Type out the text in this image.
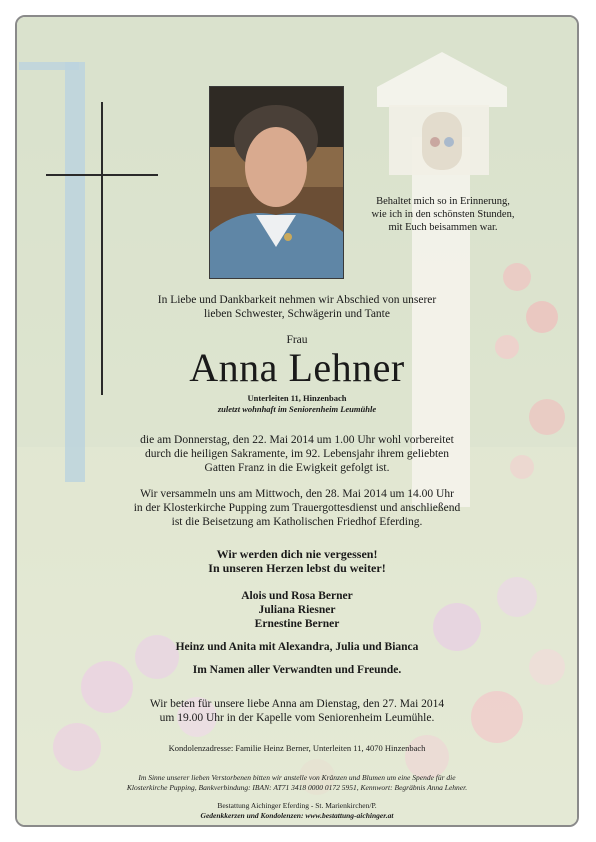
Behaltet mich so in Erinnerung,
wie ich in den schönsten Stunden,
mit Euch beisammen war.
In Liebe und Dankbarkeit nehmen wir Abschied von unserer
lieben Schwester, Schwägerin und Tante
Frau
Anna Lehner
Unterleiten 11, Hinzenbach
zuletzt wohnhaft im Seniorenheim Leumühle
die am Donnerstag, den 22. Mai 2014 um 1.00 Uhr wohl vorbereitet
durch die heiligen Sakramente, im 92. Lebensjahr ihrem geliebten
Gatten Franz in die Ewigkeit gefolgt ist.
Wir versammeln uns am Mittwoch, den 28. Mai 2014 um 14.00 Uhr
in der Klosterkirche Pupping zum Trauergottesdienst und anschließend
ist die Beisetzung am Katholischen Friedhof Eferding.
Wir werden dich nie vergessen!
In unseren Herzen lebst du weiter!
Alois und Rosa Berner
Juliana Riesner
Ernestine Berner
Heinz und Anita mit Alexandra, Julia und Bianca
Im Namen aller Verwandten und Freunde.
Wir beten für unsere liebe Anna am Dienstag, den 27. Mai 2014
um 19.00 Uhr in der Kapelle vom Seniorenheim Leumühle.
Kondolenzadresse: Familie Heinz Berner, Unterleiten 11, 4070 Hinzenbach
Im Sinne unserer lieben Verstorbenen bitten wir anstelle von Kränzen und Blumen um eine Spende für die
Klosterkirche Pupping, Bankverbindung: IBAN: AT71 3418 0000 0172 5951, Kennwort: Begräbnis Anna Lehner.
Bestattung Aichinger Eferding - St. Marienkirchen/P.
Gedenkkerzen und Kondolenzen: www.bestattung-aichinger.at
